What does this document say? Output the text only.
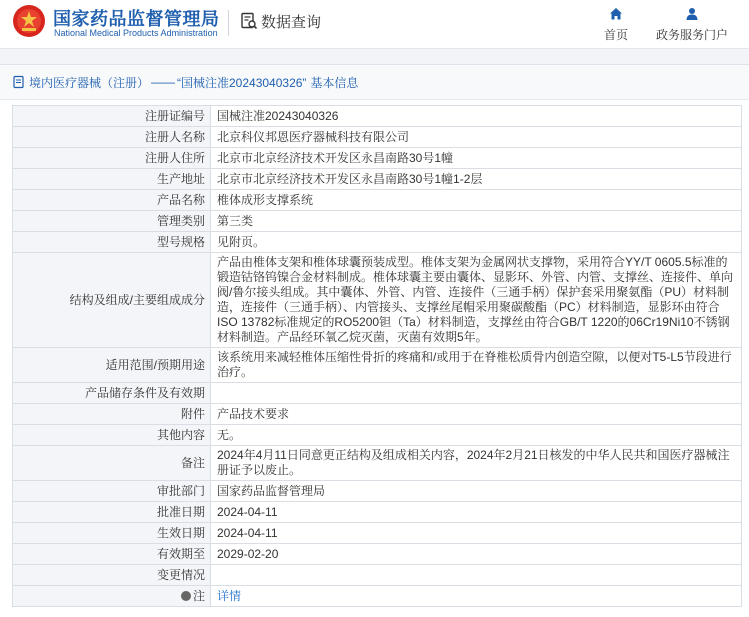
国家药品监督管理局
National Medical Products Administration
数据查询
首页 政务服务门户
境内医疗器械（注册） —— “国械注准20243040326” 基本信息
注册证编号	国械注准20243040326
注册人名称	北京科仪邦恩医疗器械科技有限公司
注册人住所	北京市北京经济技术开发区永昌南路30号1幢
生产地址	北京市北京经济技术开发区永昌南路30号1幢1-2层
产品名称	椎体成形支撑系统
管理类别	第三类
型号规格	见附页。
结构及组成/主要组成成分	产品由椎体支架和椎体球囊预装成型。椎体支架为金属网状支撑物，采用符合YY/T 0605.5标准的锻造钴铬钨镍合金材料制成。椎体球囊主要由囊体、显影环、外管、内管、支撑丝、连接件、单向阀/鲁尔接头组成。其中囊体、外管、内管、连接件（三通手柄）保护套采用聚氨酯（PU）材料制造，连接件（三通手柄）、内管接头、支撑丝尾帽采用聚碳酸酯（PC）材料制造，显影环由符合ISO 13782标准规定的RO5200钽（Ta）材料制造，支撑丝由符合GB/T 1220的06Cr19Ni10不锈钢材料制造。产品经环氧乙烷灭菌，灭菌有效期5年。
适用范围/预期用途	该系统用来减轻椎体压缩性骨折的疼痛和/或用于在脊椎松质骨内创造空隙，以便对T5-L5节段进行治疗。
产品储存条件及有效期	
附件	产品技术要求
其他内容	无。
备注	2024年4月11日同意更正结构及组成相关内容，2024年2月21日核发的中华人民共和国医疗器械注册证予以废止。
审批部门	国家药品监督管理局
批准日期	2024-04-11
生效日期	2024-04-11
有效期至	2029-02-20
变更情况	
注	详情
